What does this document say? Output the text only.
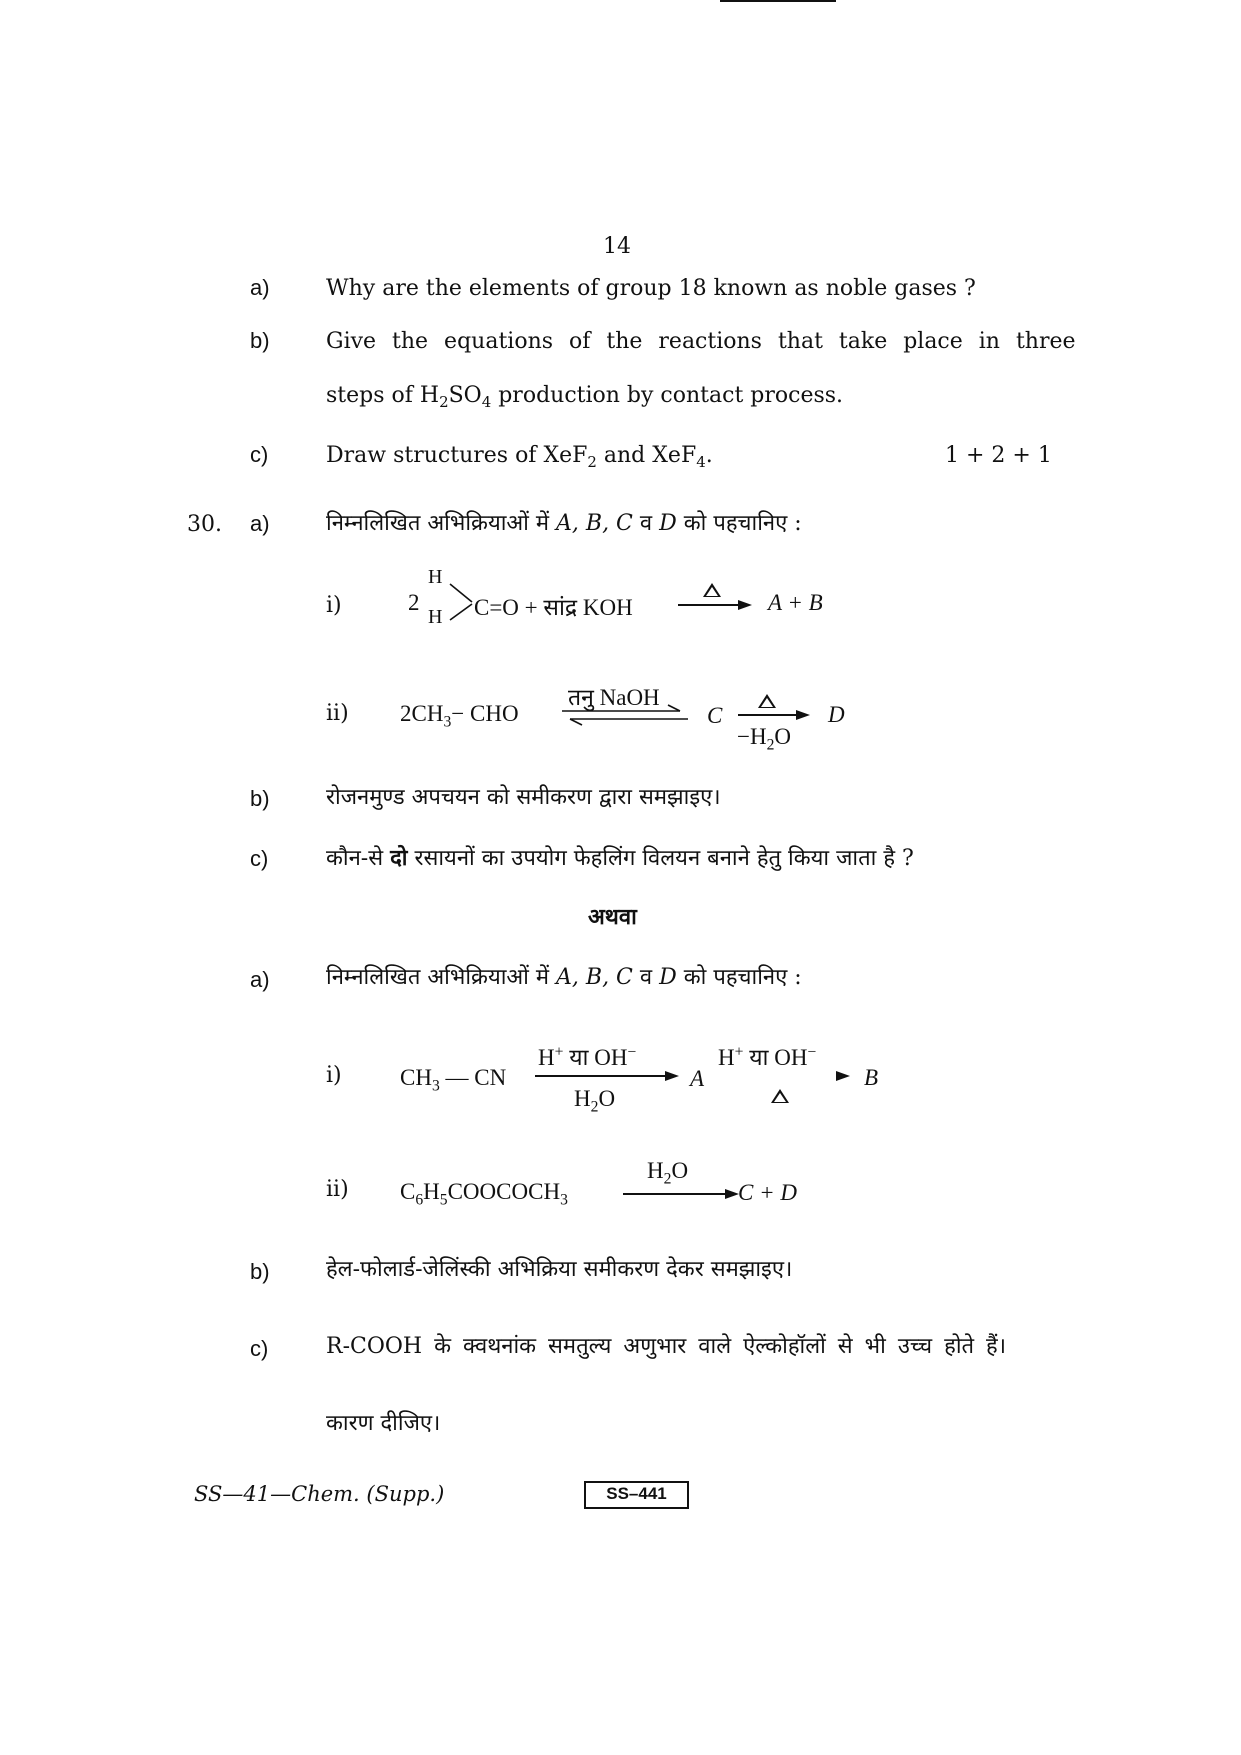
14
a)	Why are the elements of group 18 known as noble gases ?
b)	Give  the  equations  of  the  reactions  that  take  place  in  three
steps of $H_2SO_4$ production by contact process.
c)	Draw structures of XeF$_2$ and XeF$_4$.	1 + 2 + 1
30. a)	निम्नलिखित अभिक्रियाओं में A, B, C व D को पहचानिए :
i)	2
H
H C=O + सांद्र KOH	A + B
ii) $2CH_3-$ CHO
तनु NaOH
C
$-H_2O$
D
b)	रोजनमुण्ड अपचयन को समीकरण द्वारा समझाइए।
c)	कौन-से दो रसायनों का उपयोग फेहलिंग विलयन बनाने हेतु किया जाता है ?
अथवा
a)	निम्नलिखित अभिक्रियाओं में A, B, C व D को पहचानिए :
i)	$CH_3$ — CN
H+ या OH−
$H_2O$
A
H+ या OH−
B
ii) $C_6H_5COOCOCH_3$
$H_2O$
C + D
b)	हेल-फोलार्ड-जेलिंस्की अभिक्रिया समीकरण देकर समझाइए।
c)	R-COOH के क्वथनांक समतुल्य अणुभार वाले ऐल्कोहॉलों से भी उच्च होते हैं।
कारण दीजिए।
SS—41—Chem. (Supp.)	SS–441
